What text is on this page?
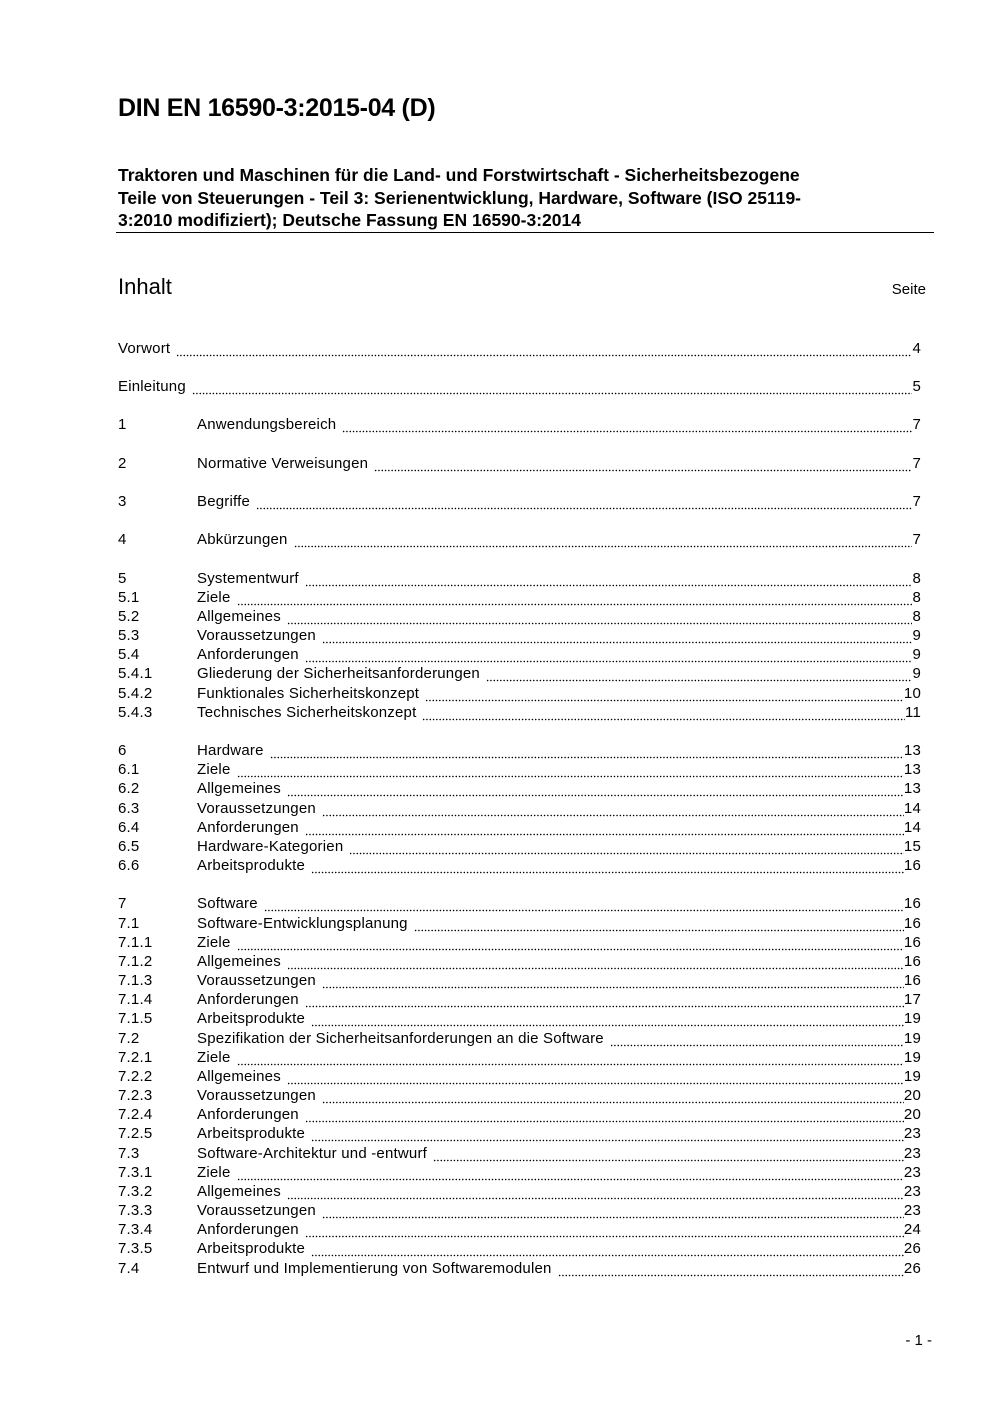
DIN EN 16590-3:2015-04 (D)
Traktoren und Maschinen für die Land- und Forstwirtschaft - Sicherheitsbezogene
Teile von Steuerungen - Teil 3: Serienentwicklung, Hardware, Software (ISO 25119-
3:2010 modifiziert); Deutsche Fassung EN 16590-3:2014
Inhalt	Seite
Vorwort	4
Einleitung	5
1	Anwendungsbereich	7
2	Normative Verweisungen	7
3	Begriffe	7
4	Abkürzungen	7
5	Systementwurf	8
5.1	Ziele	8
5.2	Allgemeines	8
5.3	Voraussetzungen	9
5.4	Anforderungen	9
5.4.1	Gliederung der Sicherheitsanforderungen	9
5.4.2	Funktionales Sicherheitskonzept	10
5.4.3	Technisches Sicherheitskonzept	11
6	Hardware	13
6.1	Ziele	13
6.2	Allgemeines	13
6.3	Voraussetzungen	14
6.4	Anforderungen	14
6.5	Hardware-Kategorien	15
6.6	Arbeitsprodukte	16
7	Software	16
7.1	Software-Entwicklungsplanung	16
7.1.1	Ziele	16
7.1.2	Allgemeines	16
7.1.3	Voraussetzungen	16
7.1.4	Anforderungen	17
7.1.5	Arbeitsprodukte	19
7.2	Spezifikation der Sicherheitsanforderungen an die Software	19
7.2.1	Ziele	19
7.2.2	Allgemeines	19
7.2.3	Voraussetzungen	20
7.2.4	Anforderungen	20
7.2.5	Arbeitsprodukte	23
7.3	Software-Architektur und -entwurf	23
7.3.1	Ziele	23
7.3.2	Allgemeines	23
7.3.3	Voraussetzungen	23
7.3.4	Anforderungen	24
7.3.5	Arbeitsprodukte	26
7.4	Entwurf und Implementierung von Softwaremodulen	26
- 1 -
